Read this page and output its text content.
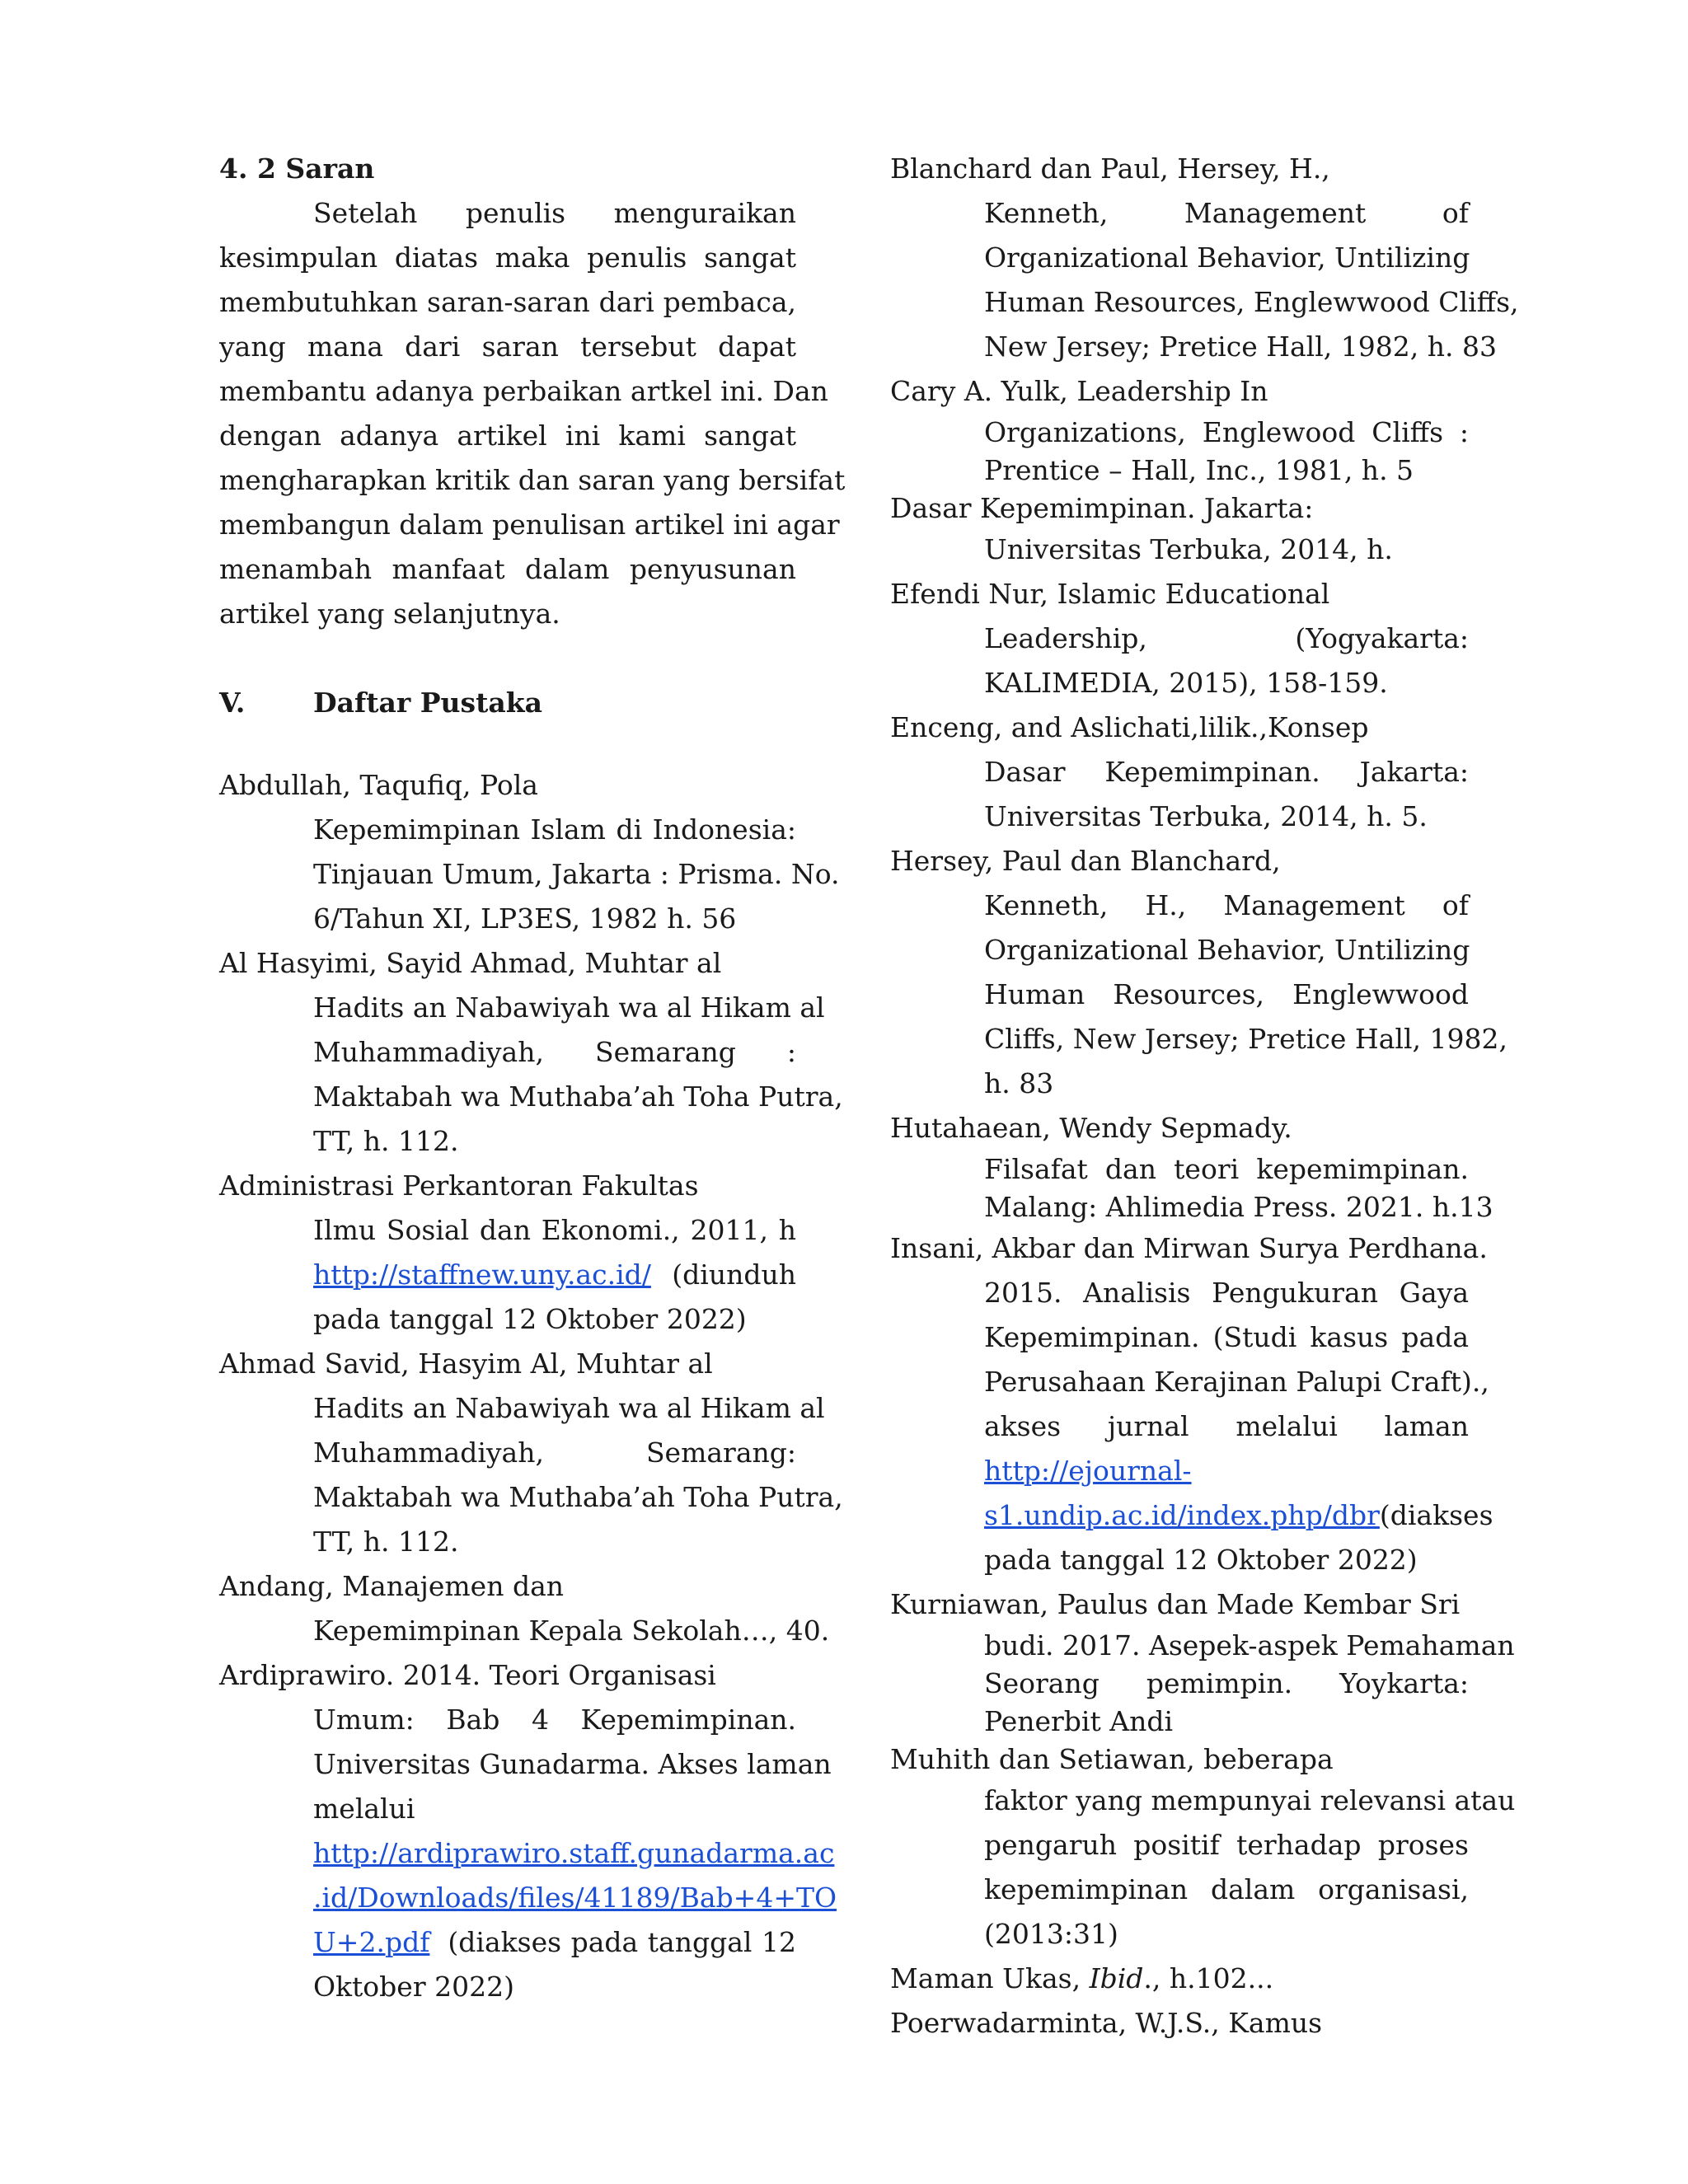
4. 2 Saran
Setelah penulis menguraikan
kesimpulan diatas maka penulis sangat
membutuhkan saran-saran dari pembaca,
yang mana dari saran tersebut dapat
membantu adanya perbaikan artkel ini. Dan
dengan adanya artikel ini kami sangat
mengharapkan kritik dan saran yang bersifat
membangun dalam penulisan artikel ini agar
menambah manfaat dalam penyusunan
artikel yang selanjutnya.
V.	Daftar Pustaka
Abdullah, Taqufiq, Pola
Kepemimpinan Islam di Indonesia:
Tinjauan Umum, Jakarta : Prisma. No.
6/Tahun XI, LP3ES, 1982 h. 56
Al Hasyimi, Sayid Ahmad, Muhtar al
Hadits an Nabawiyah wa al Hikam al
Muhammadiyah, Semarang :
Maktabah wa Muthaba’ah Toha Putra,
TT, h. 112.
Administrasi Perkantoran Fakultas
Ilmu Sosial dan Ekonomi., 2011, h
http://staffnew.uny.ac.id/ (diunduh
pada tanggal 12 Oktober 2022)
Ahmad Savid, Hasyim Al, Muhtar al
Hadits an Nabawiyah wa al Hikam al
Muhammadiyah, Semarang:
Maktabah wa Muthaba’ah Toha Putra,
TT, h. 112.
Andang, Manajemen dan
Kepemimpinan Kepala Sekolah…, 40.
Ardiprawiro. 2014. Teori Organisasi
Umum: Bab 4 Kepemimpinan.
Universitas Gunadarma. Akses laman
melalui
http://ardiprawiro.staff.gunadarma.ac
.id/Downloads/files/41189/Bab+4+TO
U+2.pdf (diakses pada tanggal 12
Oktober 2022)
Blanchard dan Paul, Hersey, H.,
Kenneth, Management of
Organizational Behavior, Untilizing
Human Resources, Englewwood Cliffs,
New Jersey; Pretice Hall, 1982, h. 83
Cary A. Yulk, Leadership In
Organizations, Englewood Cliffs :
Prentice – Hall, Inc., 1981, h. 5
Dasar Kepemimpinan. Jakarta:
Universitas Terbuka, 2014, h.
Efendi Nur, Islamic Educational
Leadership, (Yogyakarta:
KALIMEDIA, 2015), 158-159.
Enceng, and Aslichati,lilik.,Konsep
Dasar Kepemimpinan. Jakarta:
Universitas Terbuka, 2014, h. 5.
Hersey, Paul dan Blanchard,
Kenneth, H., Management of
Organizational Behavior, Untilizing
Human Resources, Englewwood
Cliffs, New Jersey; Pretice Hall, 1982,
h. 83
Hutahaean, Wendy Sepmady.
Filsafat dan teori kepemimpinan.
Malang: Ahlimedia Press. 2021. h.13
Insani, Akbar dan Mirwan Surya Perdhana.
2015. Analisis Pengukuran Gaya
Kepemimpinan. (Studi kasus pada
Perusahaan Kerajinan Palupi Craft).,
akses jurnal melalui laman
http://ejournal-
s1.undip.ac.id/index.php/dbr (diakses
pada tanggal 12 Oktober 2022)
Kurniawan, Paulus dan Made Kembar Sri
budi. 2017. Asepek-aspek Pemahaman
Seorang pemimpin. Yoykarta:
Penerbit Andi
Muhith dan Setiawan, beberapa
faktor yang mempunyai relevansi atau
pengaruh positif terhadap proses
kepemimpinan dalam organisasi,
(2013:31)
Maman Ukas, Ibid., h.102...
Poerwadarminta, W.J.S., Kamus
